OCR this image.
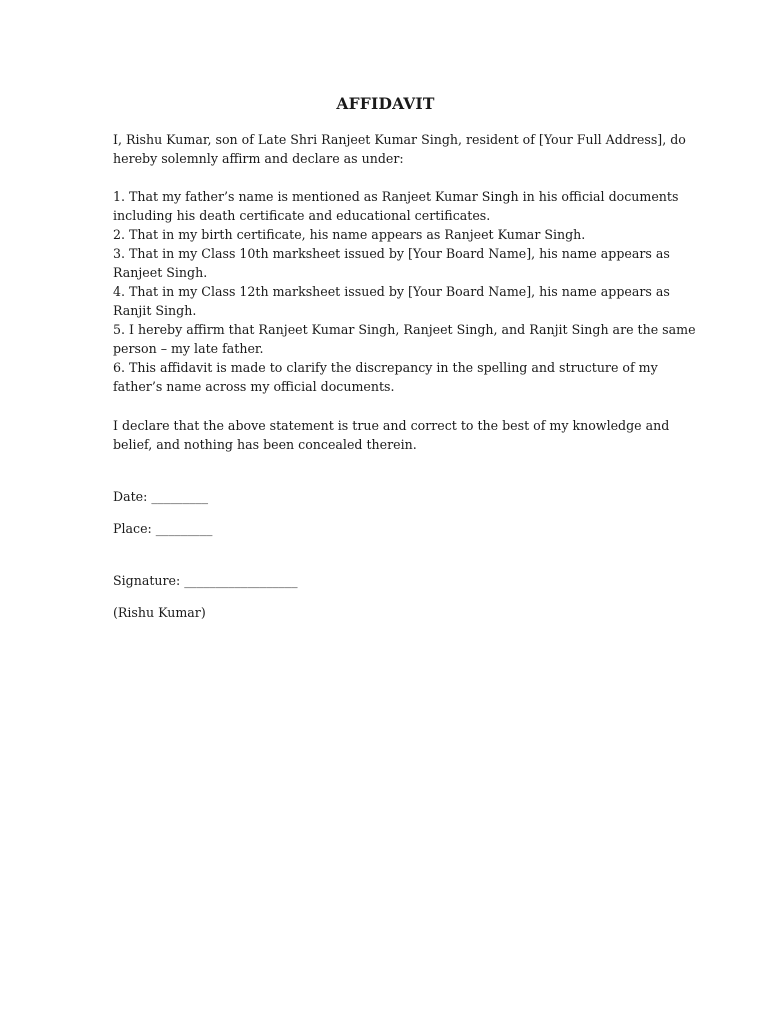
AFFIDAVIT
I, Rishu Kumar, son of Late Shri Ranjeet Kumar Singh, resident of [Your Full Address], do
hereby solemnly affirm and declare as under:
1. That my father’s name is mentioned as Ranjeet Kumar Singh in his official documents
including his death certificate and educational certificates.
2. That in my birth certificate, his name appears as Ranjeet Kumar Singh.
3. That in my Class 10th marksheet issued by [Your Board Name], his name appears as
Ranjeet Singh.
4. That in my Class 12th marksheet issued by [Your Board Name], his name appears as
Ranjit Singh.
5. I hereby affirm that Ranjeet Kumar Singh, Ranjeet Singh, and Ranjit Singh are the same
person – my late father.
6. This affidavit is made to clarify the discrepancy in the spelling and structure of my
father’s name across my official documents.
I declare that the above statement is true and correct to the best of my knowledge and
belief, and nothing has been concealed therein.

Date: _________

Place: _________

Signature: __________________

(Rishu Kumar)
